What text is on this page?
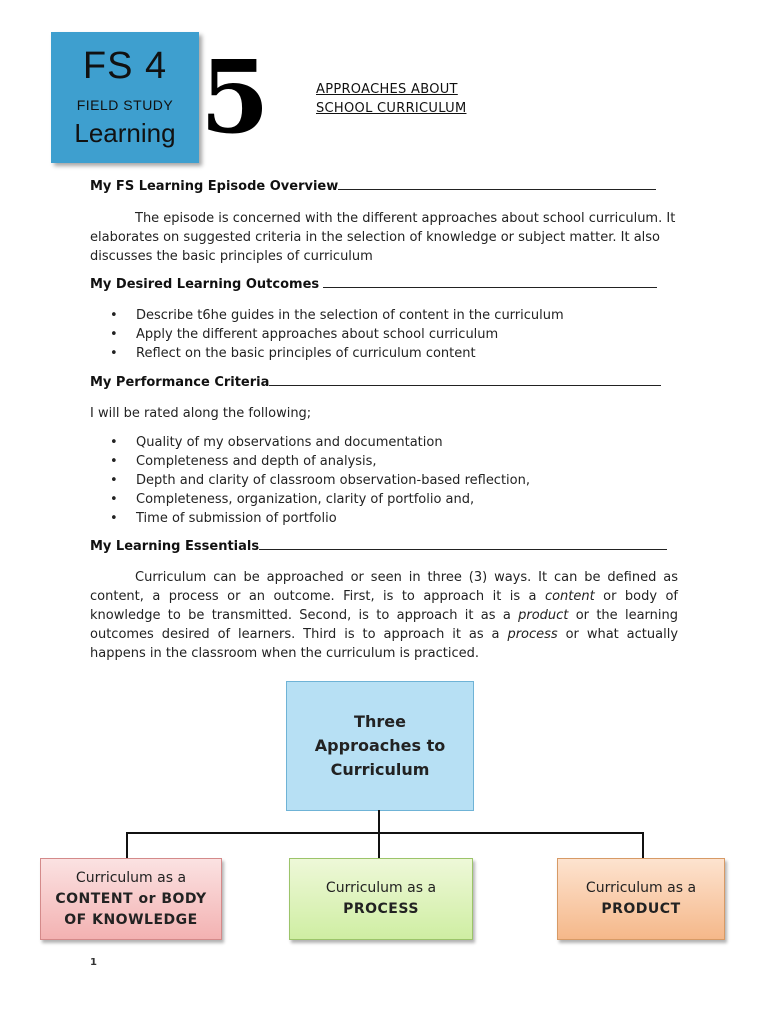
FS 4
FIELD STUDY
Learning 5	APPROACHES ABOUT
SCHOOL CURRICULUM
My FS Learning Episode Overview
The episode is concerned with the different approaches about school curriculum. It elaborates on suggested criteria in the selection of knowledge or subject matter. It also discusses the basic principles of curriculum
My Desired Learning Outcomes
• Describe t6he guides in the selection of content in the curriculum
• Apply the different approaches about school curriculum
• Reflect on the basic principles of curriculum content
My Performance Criteria
I will be rated along the following;
• Quality of my observations and documentation
• Completeness and depth of analysis,
• Depth and clarity of classroom observation-based reflection,
• Completeness, organization, clarity of portfolio and,
• Time of submission of portfolio
My Learning Essentials
Curriculum can be approached or seen in three (3) ways. It can be defined as content, a process or an outcome. First, is to approach it is a content or body of knowledge to be transmitted. Second, is to approach it as a product or the learning outcomes desired of learners. Third is to approach it as a process or what actually happens in the classroom when the curriculum is practiced.
Three
Approaches to
Curriculum
Curriculum as a
CONTENT or BODY
OF KNOWLEDGE
Curriculum as a
PROCESS
Curriculum as a
PRODUCT
1
